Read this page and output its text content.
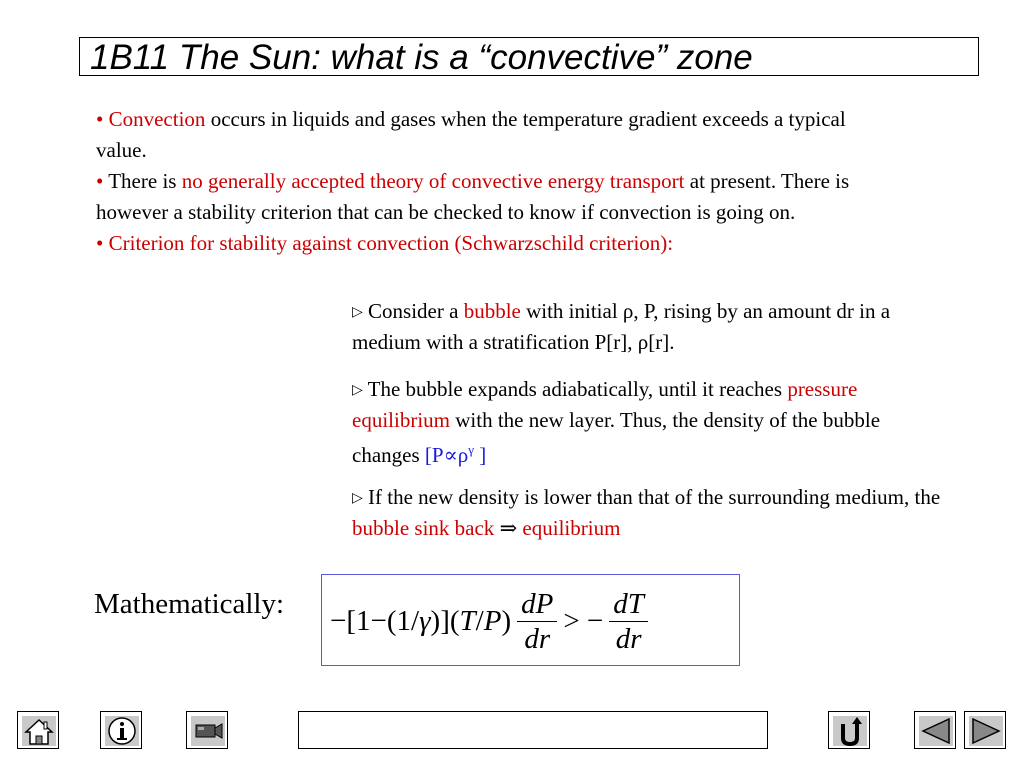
1B11 The Sun: what is a “convective” zone
• Convection occurs in liquids and gases when the temperature gradient exceeds a typical value.
• There is no generally accepted theory of convective energy transport at present. There is however a stability criterion that can be checked to know if convection is going on.
• Criterion for stability against convection (Schwarzschild criterion):
▷ Consider a bubble with initial ρ, P, rising by an amount dr in a medium with a stratification P[r], ρ[r].
▷ The bubble expands adiabatically, until it reaches pressure equilibrium with the new layer. Thus, the density of the bubble changes [$P\propto\rho^\gamma$ ]
▷ If the new density is lower than that of the surrounding medium, the bubble sink back ⇒ equilibrium
Mathematically:
−[1−(1/ γ )]( T / P ) $\frac{dP}{dr}$ > − $\frac{dT}{dr}$
